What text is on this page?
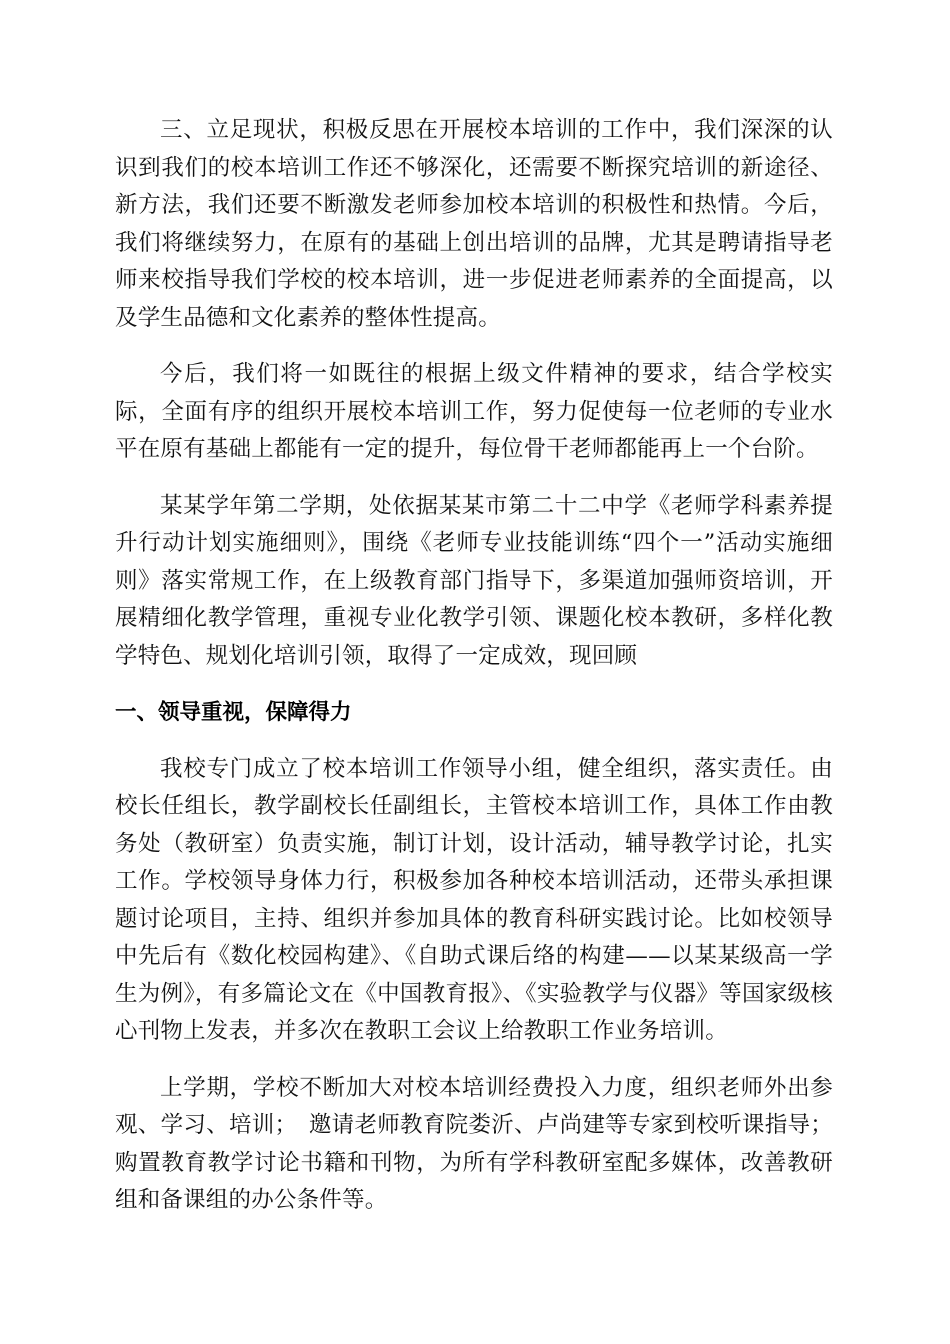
三、立足现状，积极反思在开展校本培训的工作中，我们深深的认识到我们的校本培训工作还不够深化，还需要不断探究培训的新途径、新方法，我们还要不断激发老师参加校本培训的积极性和热情。今后，我们将继续努力，在原有的基础上创出培训的品牌，尤其是聘请指导老师来校指导我们学校的校本培训，进一步促进老师素养的全面提高，以及学生品德和文化素养的整体性提高。

今后，我们将一如既往的根据上级文件精神的要求，结合学校实际，全面有序的组织开展校本培训工作，努力促使每一位老师的专业水平在原有基础上都能有一定的提升，每位骨干老师都能再上一个台阶。

某某学年第二学期，处依据某某市第二十二中学《老师学科素养提升行动计划实施细则》，围绕《老师专业技能训练“四个一”活动实施细则》落实常规工作，在上级教育部门指导下，多渠道加强师资培训，开展精细化教学管理，重视专业化教学引领、课题化校本教研，多样化教学特色、规划化培训引领，取得了一定成效，现回顾

一、领导重视，保障得力

我校专门成立了校本培训工作领导小组，健全组织，落实责任。由校长任组长，教学副校长任副组长，主管校本培训工作，具体工作由教务处（教研室）负责实施，制订计划，设计活动，辅导教学讨论，扎实工作。学校领导身体力行，积极参加各种校本培训活动，还带头承担课题讨论项目，主持、组织并参加具体的教育科研实践讨论。比如校领导中先后有《数化校园构建》、《自助式课后络的构建——以某某级高一学生为例》，有多篇论文在《中国教育报》、《实验教学与仪器》等国家级核心刊物上发表，并多次在教职工会议上给教职工作业务培训。

上学期，学校不断加大对校本培训经费投入力度，组织老师外出参观、学习、培训；　邀请老师教育院娄沂、卢尚建等专家到校听课指导；购置教育教学讨论书籍和刊物，为所有学科教研室配多媒体，改善教研组和备课组的办公条件等。
